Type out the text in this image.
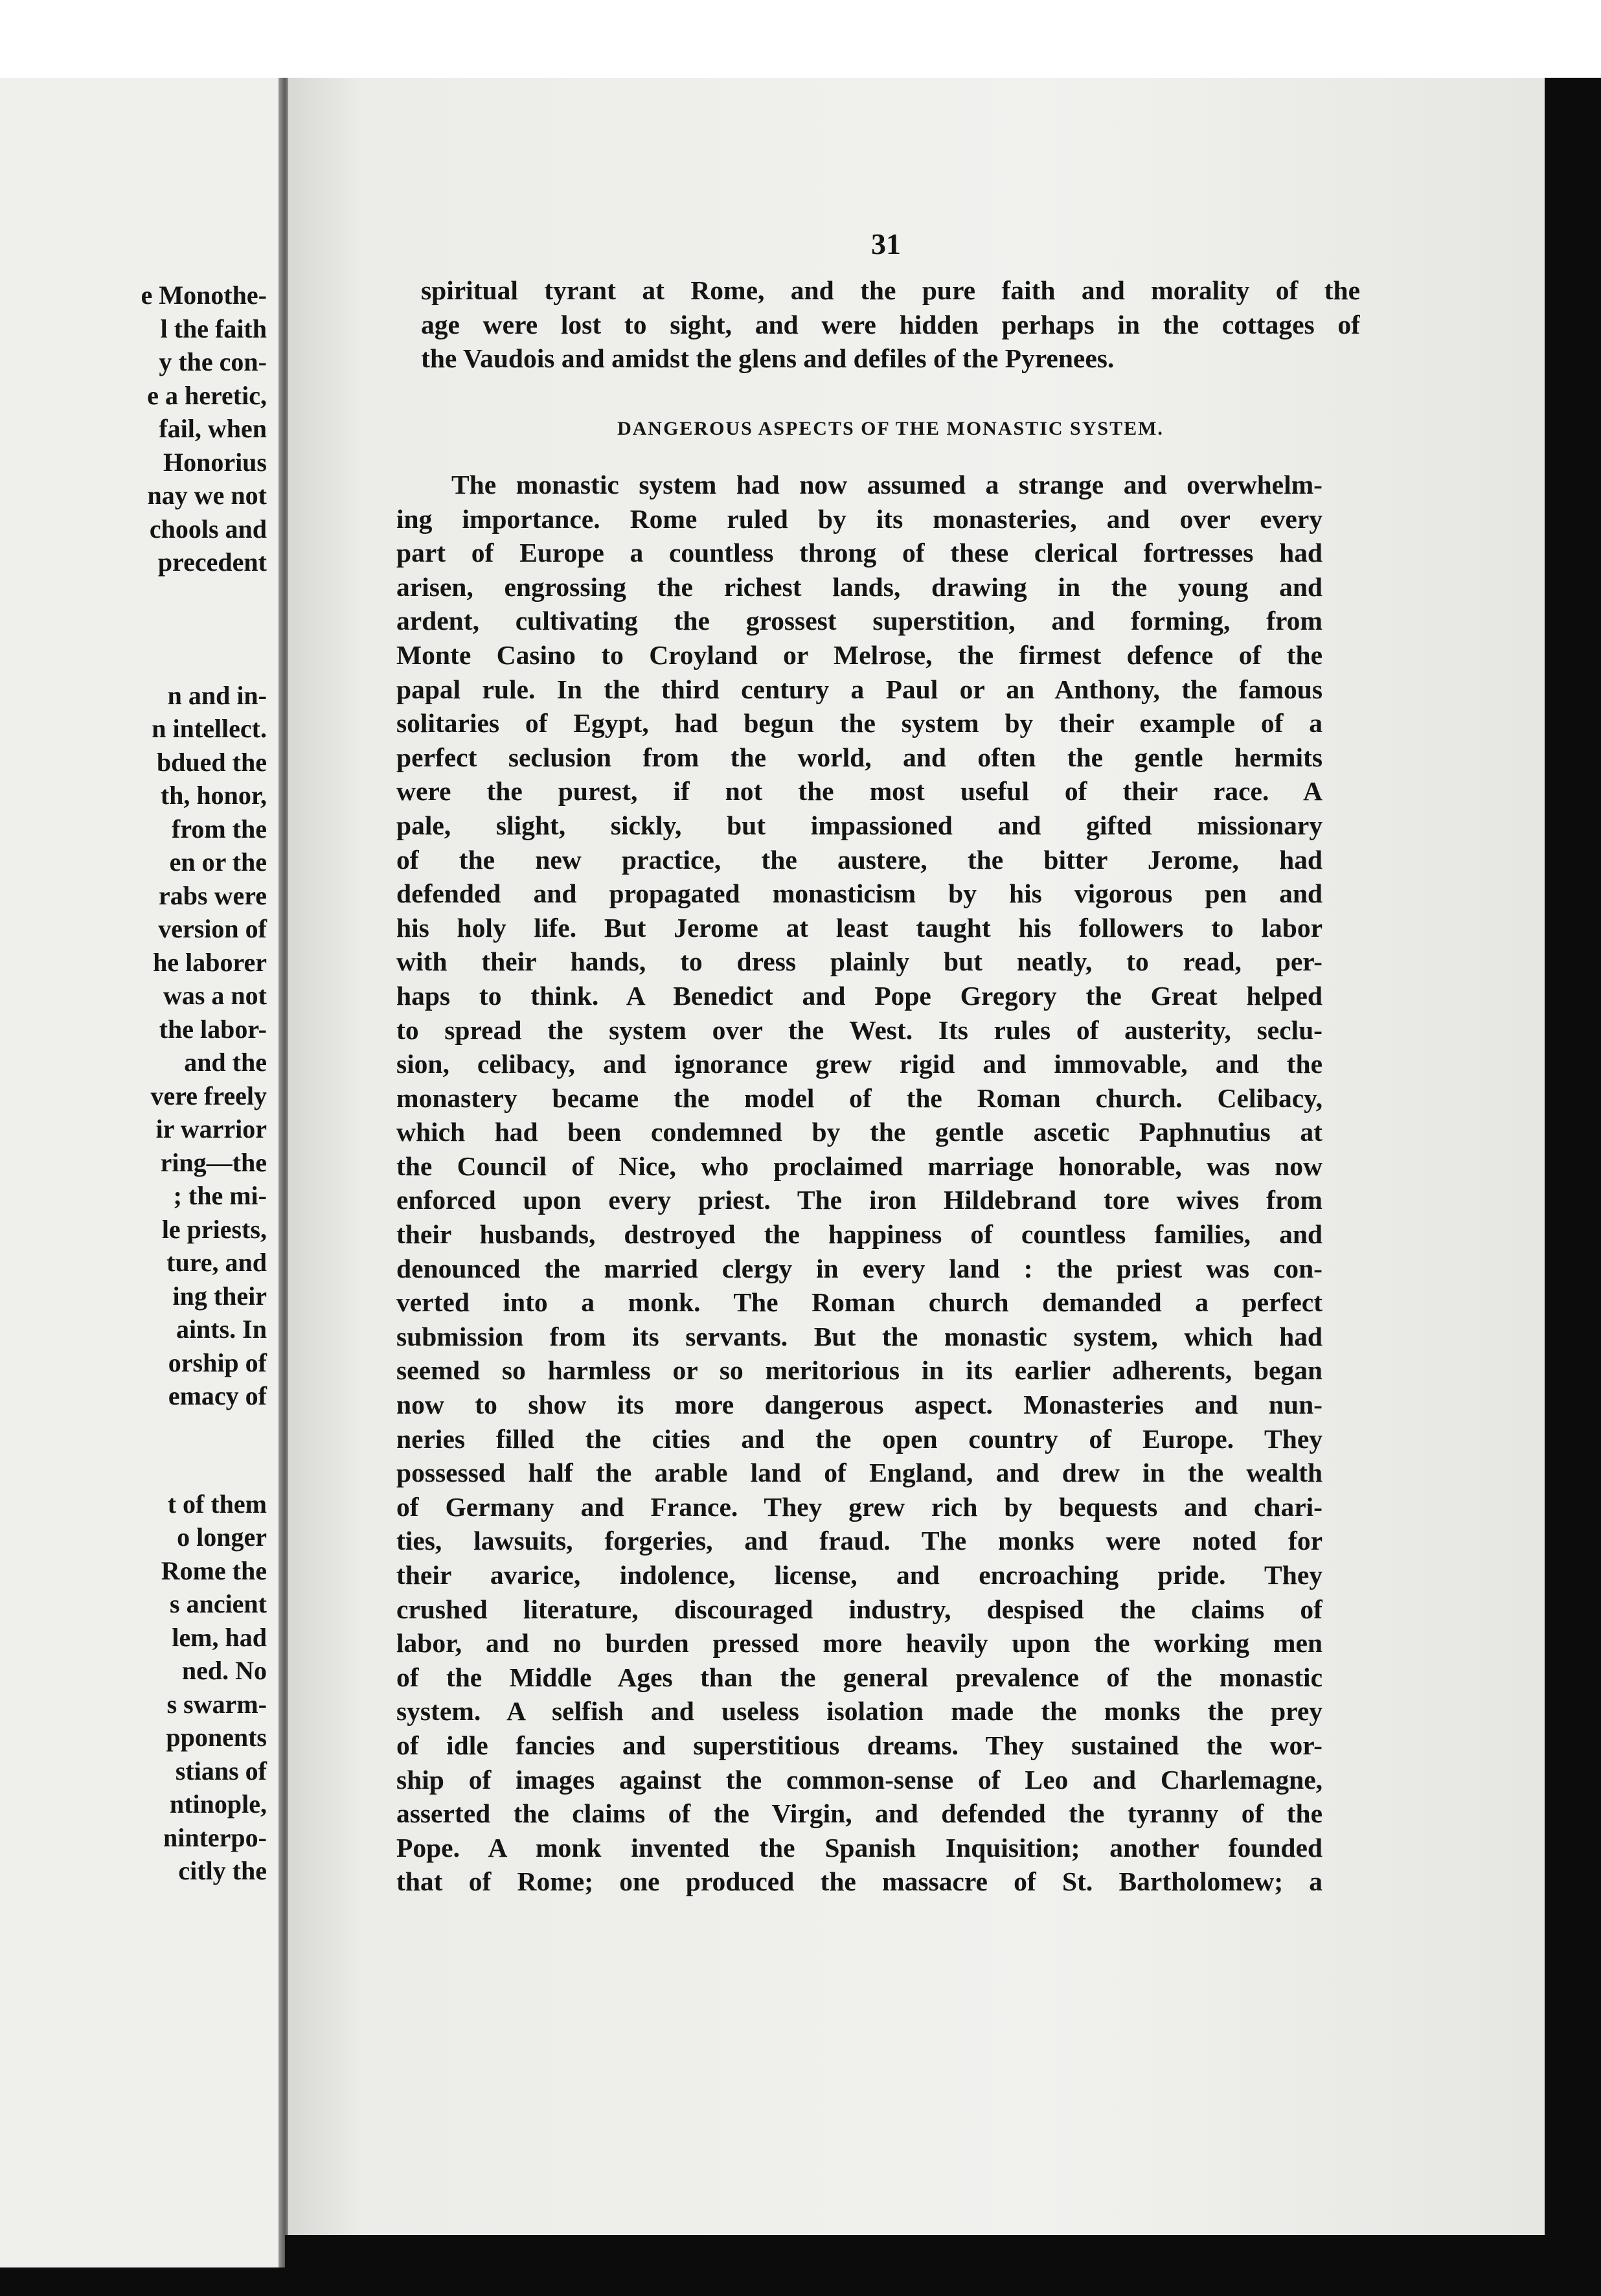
e Monothe-
l the faith
y the con-
e a heretic,
fail, when
Honorius
nay we not
chools and
precedent
n and in-
n intellect.
bdued the
th, honor,
from the
en or the
rabs were
version of
he laborer
was a not
the labor-
and the
vere freely
ir warrior
ring—the
; the mi-
le priests,
ture, and
ing their
aints. In
orship of
emacy of
t of them
o longer
Rome the
s ancient
lem, had
ned. No
s swarm-
pponents
stians of
ntinople,
ninterpo-
citly the
31
spiritual tyrant at Rome, and the pure faith and morality of the
age were lost to sight, and were hidden perhaps in the cottages of
the Vaudois and amidst the glens and defiles of the Pyrenees.
DANGEROUS ASPECTS OF THE MONASTIC SYSTEM.
The monastic system had now assumed a strange and overwhelm-
ing importance. Rome ruled by its monasteries, and over every
part of Europe a countless throng of these clerical fortresses had
arisen, engrossing the richest lands, drawing in the young and
ardent, cultivating the grossest superstition, and forming, from
Monte Casino to Croyland or Melrose, the firmest defence of the
papal rule. In the third century a Paul or an Anthony, the famous
solitaries of Egypt, had begun the system by their example of a
perfect seclusion from the world, and often the gentle hermits
were the purest, if not the most useful of their race. A
pale, slight, sickly, but impassioned and gifted missionary
of the new practice, the austere, the bitter Jerome, had
defended and propagated monasticism by his vigorous pen and
his holy life. But Jerome at least taught his followers to labor
with their hands, to dress plainly but neatly, to read, per-
haps to think. A Benedict and Pope Gregory the Great helped
to spread the system over the West. Its rules of austerity, seclu-
sion, celibacy, and ignorance grew rigid and immovable, and the
monastery became the model of the Roman church. Celibacy,
which had been condemned by the gentle ascetic Paphnutius at
the Council of Nice, who proclaimed marriage honorable, was now
enforced upon every priest. The iron Hildebrand tore wives from
their husbands, destroyed the happiness of countless families, and
denounced the married clergy in every land : the priest was con-
verted into a monk. The Roman church demanded a perfect
submission from its servants. But the monastic system, which had
seemed so harmless or so meritorious in its earlier adherents, began
now to show its more dangerous aspect. Monasteries and nun-
neries filled the cities and the open country of Europe. They
possessed half the arable land of England, and drew in the wealth
of Germany and France. They grew rich by bequests and chari-
ties, lawsuits, forgeries, and fraud. The monks were noted for
their avarice, indolence, license, and encroaching pride. They
crushed literature, discouraged industry, despised the claims of
labor, and no burden pressed more heavily upon the working men
of the Middle Ages than the general prevalence of the monastic
system. A selfish and useless isolation made the monks the prey
of idle fancies and superstitious dreams. They sustained the wor-
ship of images against the common-sense of Leo and Charlemagne,
asserted the claims of the Virgin, and defended the tyranny of the
Pope. A monk invented the Spanish Inquisition; another founded
that of Rome; one produced the massacre of St. Bartholomew; a
